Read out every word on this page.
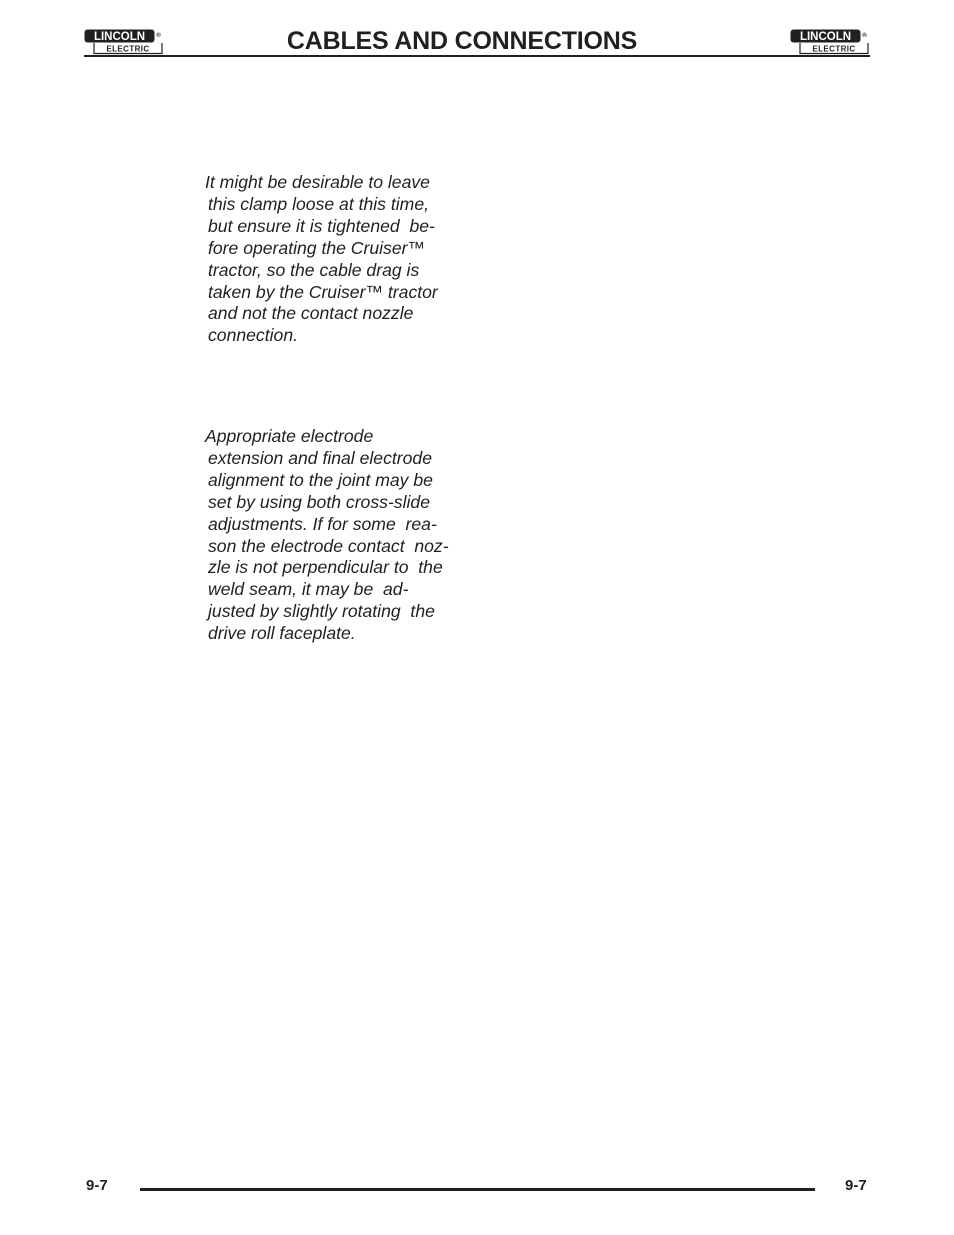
LINCOLN ®
ELECTRIC	CABLES AND CONNECTIONS	LINCOLN ®
ELECTRIC
It might be desirable to leave
this clamp loose at this time,
but ensure it is tightened  be-
fore operating the Cruiser™
tractor, so the cable drag is
taken by the Cruiser™ tractor
and not the contact nozzle
connection.
Appropriate electrode
extension and final electrode
alignment to the joint may be
set by using both cross-slide
adjustments. If for some  rea-
son the electrode contact  noz-
zle is not perpendicular to  the
weld seam, it may be  ad-
justed by slightly rotating  the
drive roll faceplate.
9-7	9-7
